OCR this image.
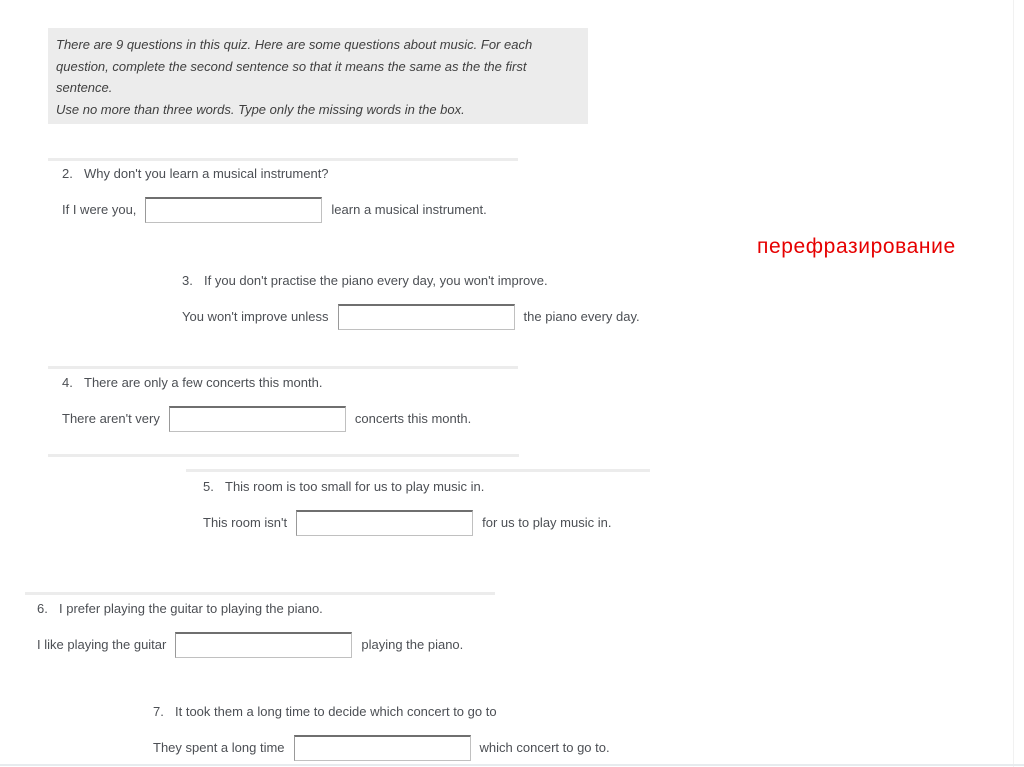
There are 9 questions in this quiz. Here are some questions about music. For each
question, complete the second sentence so that it means the same as the the first
sentence.
Use no more than three words. Type only the missing words in the box.
2. Why don't you learn a musical instrument?
If I were you,	learn a musical instrument.
перефразирование
3. If you don't practise the piano every day, you won't improve.
You won't improve unless	the piano every day.
4. There are only a few concerts this month.
There aren't very	concerts this month.
5. This room is too small for us to play music in.
This room isn't	for us to play music in.
6. I prefer playing the guitar to playing the piano.
I like playing the guitar	playing the piano.
7. It took them a long time to decide which concert to go to
They spent a long time	which concert to go to.
